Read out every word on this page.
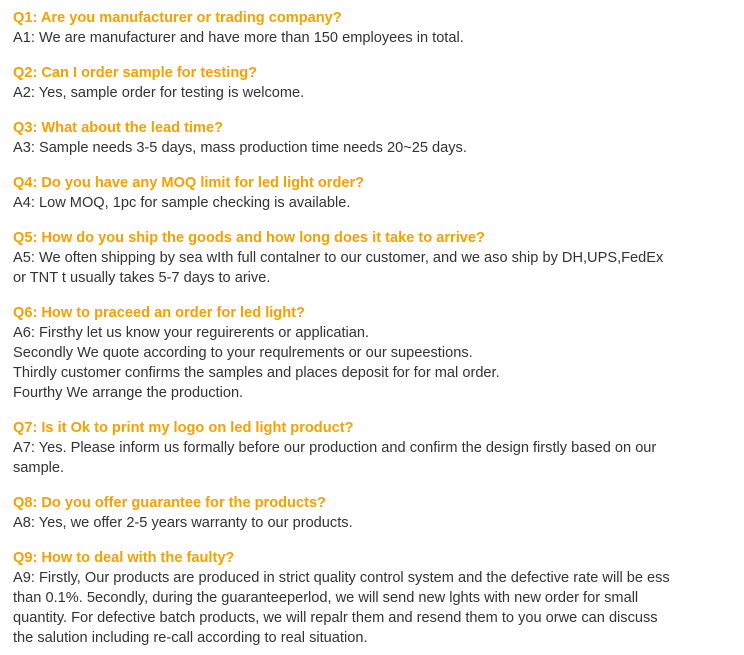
Q1: Are you manufacturer or trading company?
A1: We are manufacturer and have more than 150 employees in total.
Q2: Can I order sample for testing?
A2: Yes, sample order for testing is welcome.
Q3: What about the lead time?
A3: Sample needs 3-5 days, mass production time needs 20~25 days.
Q4: Do you have any MOQ limit for led light order?
A4: Low MOQ, 1pc for sample checking is available.
Q5: How do you ship the goods and how long does it take to arrive?
A5: We often shipping by sea wIth full contalner to our customer, and we aso ship by DH,UPS,FedEx
or TNT t usually takes 5-7 days to arive.
Q6: How to praceed an order for led light?
A6: Firsthy let us know your reguirerents or applicatian.
Secondly We quote according to your requlrements or our supeestions.
Thirdly customer confirms the samples and places deposit for for mal order.
Fourthy We arrange the production.
Q7: Is it Ok to print my logo on led light product?
A7: Yes. Please inform us formally before our production and confirm the design firstly based on our
sample.
Q8: Do you offer guarantee for the products?
A8: Yes, we offer 2-5 years warranty to our products.
Q9: How to deal with the faulty?
A9: Firstly, Our products are produced in strict quality control system and the defective rate will be ess
than 0.1%. 5econdly, during the guaranteeperlod, we will send new lghts with new order for small
quantity. For defective batch products, we will repalr them and resend them to you orwe can discuss
the salution including re-call according to real situation.
